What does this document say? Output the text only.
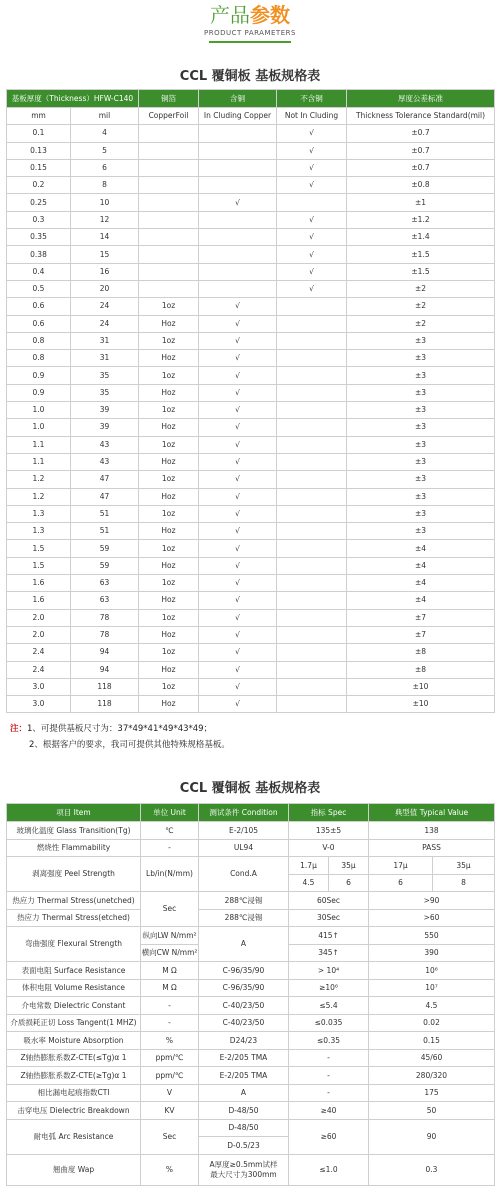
产品参数
PRODUCT PARAMETERS
CCL 覆铜板 基板规格表
基板厚度（Thickness）HFW-C140		铜箔	含铜	不含铜	厚度公差标准
mm	mil	CopperFoil	In Cluding Copper	Not In Cluding	Thickness Tolerance Standard(mil)
0.1	4			√	±0.7
0.13	5			√	±0.7
0.15	6			√	±0.7
0.2	8			√	±0.8
0.25	10		√		±1
0.3	12			√	±1.2
0.35	14			√	±1.4
0.38	15			√	±1.5
0.4	16			√	±1.5
0.5	20			√	±2
0.6	24	1oz	√		±2
0.6	24	Hoz	√		±2
0.8	31	1oz	√		±3
0.8	31	Hoz	√		±3
0.9	35	1oz	√		±3
0.9	35	Hoz	√		±3
1.0	39	1oz	√		±3
1.0	39	Hoz	√		±3
1.1	43	1oz	√		±3
1.1	43	Hoz	√		±3
1.2	47	1oz	√		±3
1.2	47	Hoz	√		±3
1.3	51	1oz	√		±3
1.3	51	Hoz	√		±3
1.5	59	1oz	√		±4
1.5	59	Hoz	√		±4
1.6	63	1oz	√		±4
1.6	63	Hoz	√		±4
2.0	78	1oz	√		±7
2.0	78	Hoz	√		±7
2.4	94	1oz	√		±8
2.4	94	Hoz	√		±8
3.0	118	1oz	√		±10
3.0	118	Hoz	√		±10
注：1、可提供基板尺寸为：37*49*41*49*43*49；
2、根据客户的要求，我司可提供其他特殊规格基板。
CCL 覆铜板 基板规格表
项目 Item	单位 Unit	测试条件 Condition	指标 Spec		典型值 Typical Value	
玻璃化温度 Glass Transition(Tg)	℃	E-2/105	135±5		138	
燃烧性 Flammability	-	UL94	V-0		PASS	
剥离强度 Peel Strength	Lb/in(N/mm)	Cond.A	1.7μ	35μ	17μ	35μ
			4.5	6	6	8
热应力 Thermal Stress(unetched)	Sec	288℃浸锡	60Sec		>90	
热应力 Thermal Stress(etched)		288℃浸锡	30Sec		>60	
弯曲强度 Flexural Strength	纵向LW N/mm²	A	415↑		550	
	横向CW N/mm²		345↑		390	
表面电阻 Surface Resistance	M Ω	C-96/35/90	> 10⁴		10⁶	
体积电阻 Volume Resistance	M Ω	C-96/35/90	≥10⁶		10⁷	
介电常数 Dielectric Constant	-	C-40/23/50	≤5.4		4.5	
介质损耗正切 Loss Tangent(1 MHZ)	-	C-40/23/50	≤0.035		0.02	
吸水率 Moisture Absorption	%	D24/23	≤0.35		0.15	
Z轴热膨胀系数Z-CTE(≤Tg)α 1	ppm/℃	E-2/205 TMA	-		45/60	
Z轴热膨胀系数Z-CTE(≥Tg)α 1	ppm/℃	E-2/205 TMA	-		280/320	
相比漏电起痕指数CTI	V	A	-		175	
击穿电压 Dielectric Breakdown	KV	D-48/50	≥40		50	
耐电弧 Arc Resistance	Sec	D-48/50	≥60		90	
		D-0.5/23				
翘曲度 Wap	%	A厚度≥0.5mm试样
最大尺寸为300mm	≤1.0		0.3	
